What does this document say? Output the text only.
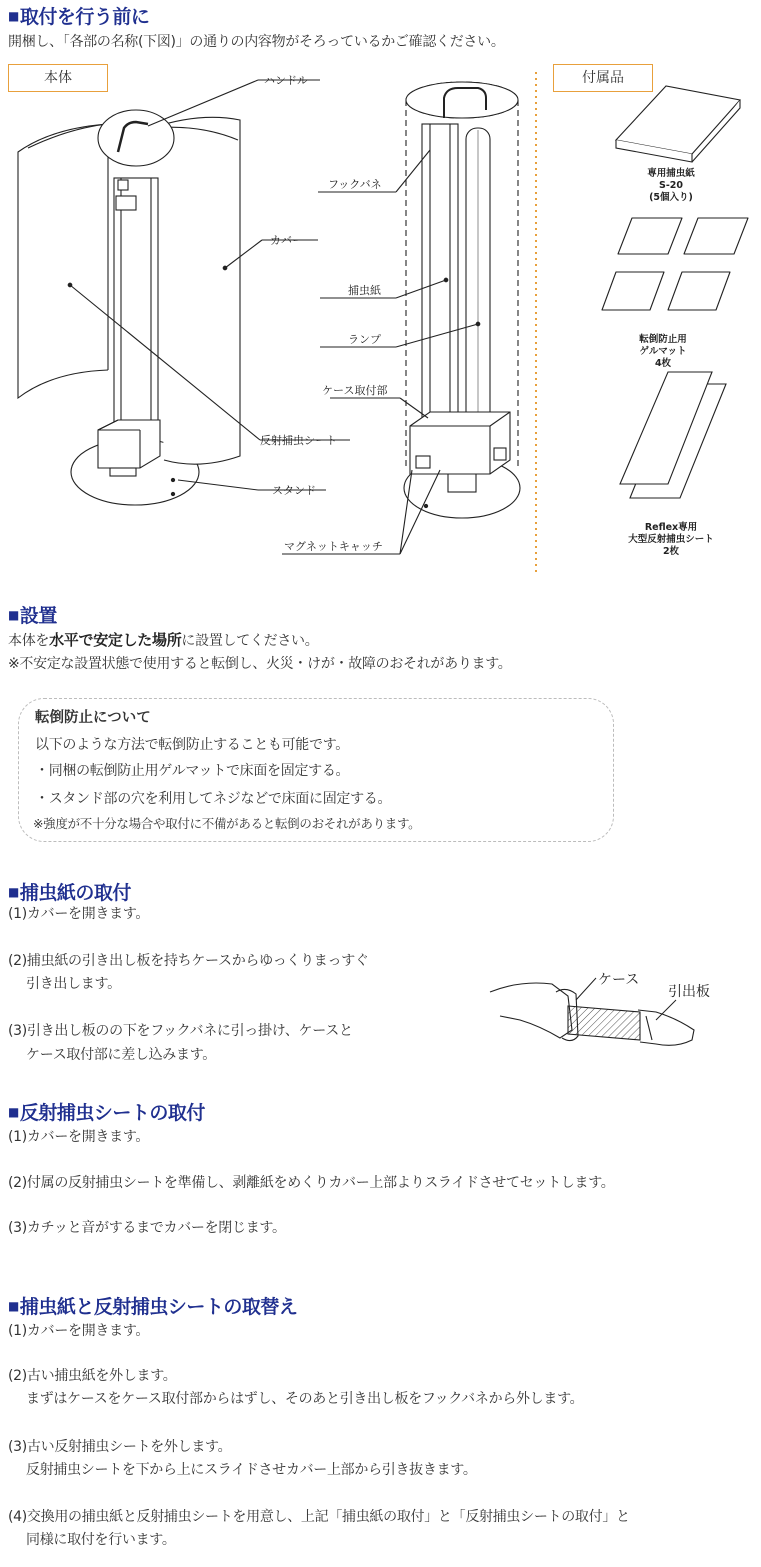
■取付を行う前に
開梱し、「各部の名称(下図)」の通りの内容物がそろっているかご確認ください。
本体	付属品
ハンドル
カバー
反射捕虫シート
スタンド
フックバネ
捕虫紙
ランプ
ケース取付部
マグネットキャッチ
専用捕虫紙
S-20
(5個入り)
転倒防止用
ゲルマット
4枚
Reflex専用
大型反射捕虫シート
2枚
■設置
本体を水平で安定した場所に設置してください。
※不安定な設置状態で使用すると転倒し、火災・けが・故障のおそれがあります。
転倒防止について
以下のような方法で転倒防止することも可能です。
・同梱の転倒防止用ゲルマットで床面を固定する。
・スタンド部の穴を利用してネジなどで床面に固定する。
※強度が不十分な場合や取付に不備があると転倒のおそれがあります。
■捕虫紙の取付
(1)カバーを開きます。
(2)捕虫紙の引き出し板を持ちケースからゆっくりまっすぐ
引き出します。
(3)引き出し板のの下をフックバネに引っ掛け、ケースと
ケース取付部に差し込みます。
ケース
引出板
■反射捕虫シートの取付
(1)カバーを開きます。
(2)付属の反射捕虫シートを準備し、剥離紙をめくりカバー上部よりスライドさせてセットします。
(3)カチッと音がするまでカバーを閉じます。
■捕虫紙と反射捕虫シートの取替え
(1)カバーを開きます。
(2)古い捕虫紙を外します。
まずはケースをケース取付部からはずし、そのあと引き出し板をフックバネから外します。
(3)古い反射捕虫シートを外します。
反射捕虫シートを下から上にスライドさせカバー上部から引き抜きます。
(4)交換用の捕虫紙と反射捕虫シートを用意し、上記「捕虫紙の取付」と「反射捕虫シートの取付」と
同様に取付を行います。
